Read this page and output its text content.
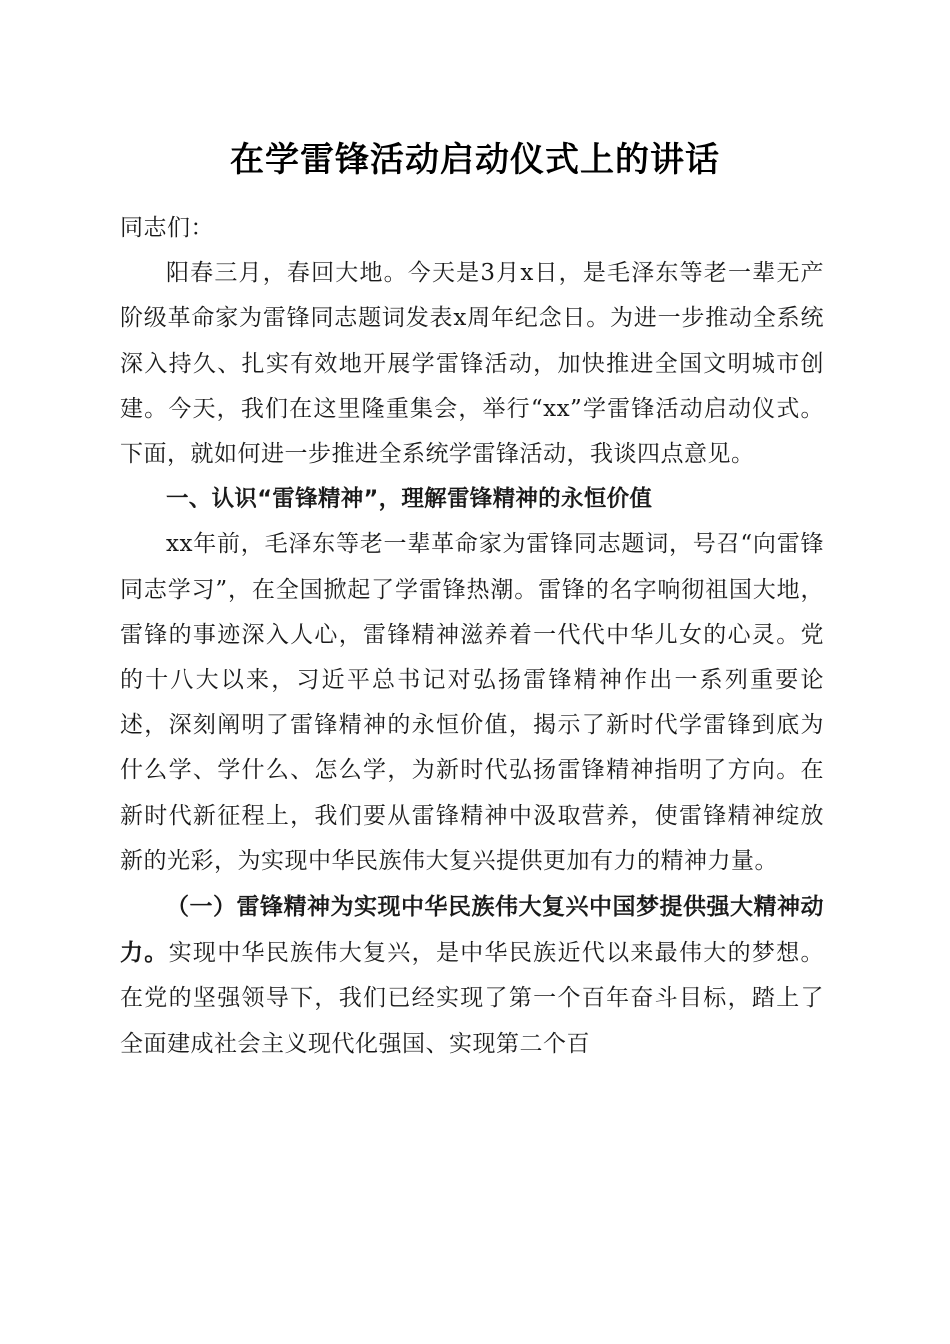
在学雷锋活动启动仪式上的讲话

同志们：

阳春三月，春回大地。今天是3月x日，是毛泽东等老一辈无产阶级革命家为雷锋同志题词发表x周年纪念日。为进一步推动全系统深入持久、扎实有效地开展学雷锋活动，加快推进全国文明城市创建。今天，我们在这里隆重集会，举行“xx”学雷锋活动启动仪式。下面，就如何进一步推进全系统学雷锋活动，我谈四点意见。

一、认识“雷锋精神”，理解雷锋精神的永恒价值

xx年前，毛泽东等老一辈革命家为雷锋同志题词，号召“向雷锋同志学习”，在全国掀起了学雷锋热潮。雷锋的名字响彻祖国大地，雷锋的事迹深入人心，雷锋精神滋养着一代代中华儿女的心灵。党的十八大以来，习近平总书记对弘扬雷锋精神作出一系列重要论述，深刻阐明了雷锋精神的永恒价值，揭示了新时代学雷锋到底为什么学、学什么、怎么学，为新时代弘扬雷锋精神指明了方向。在新时代新征程上，我们要从雷锋精神中汲取营养，使雷锋精神绽放新的光彩，为实现中华民族伟大复兴提供更加有力的精神力量。

（一）雷锋精神为实现中华民族伟大复兴中国梦提供强大精神动力。实现中华民族伟大复兴，是中华民族近代以来最伟大的梦想。在党的坚强领导下，我们已经实现了第一个百年奋斗目标，踏上了全面建成社会主义现代化强国、实现第二个百
